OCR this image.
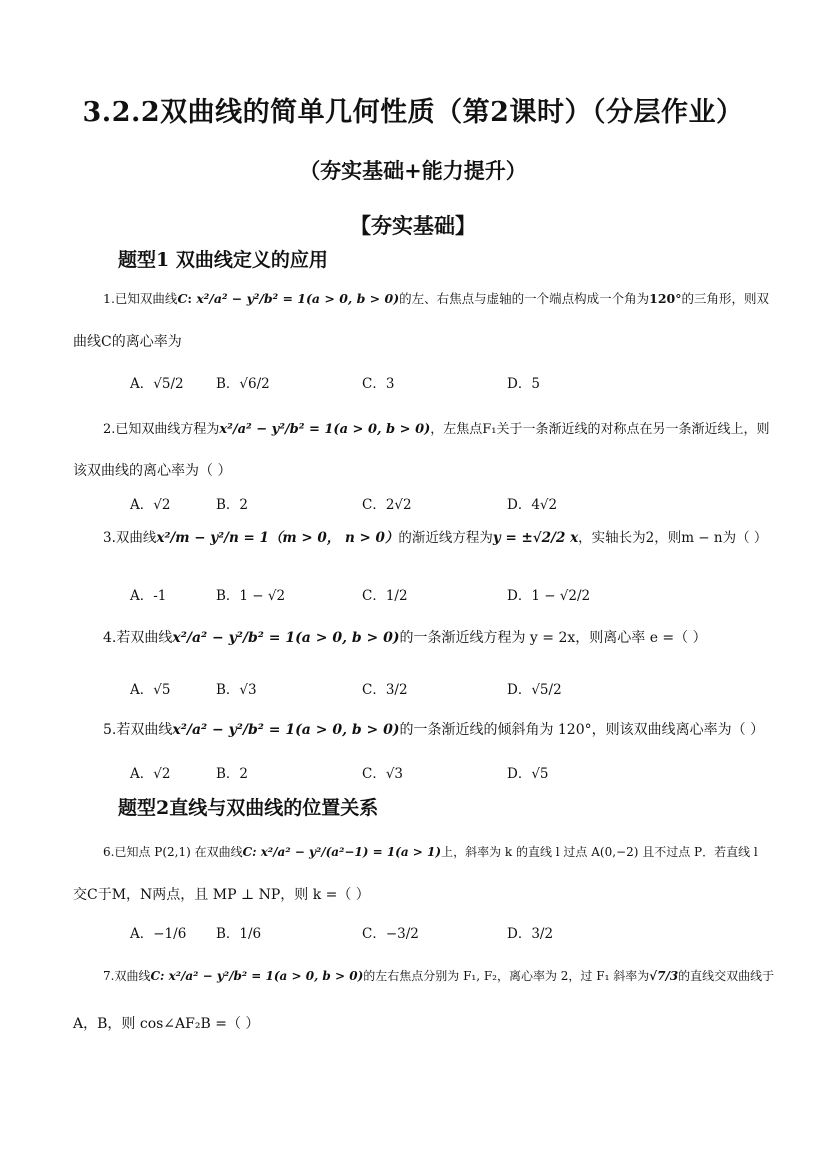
3.2.2双曲线的简单几何性质（第2课时）（分层作业）
（夯实基础+能力提升）
【夯实基础】
题型1 双曲线定义的应用
1.已知双曲线C: x²/a² − y²/b² = 1(a > 0, b > 0)的左、右焦点与虚轴的一个端点构成一个角为120°的三角形，则双
曲线C的离心率为
A．√5/2 B．√6/2	C．3	D．5
2.已知双曲线方程为x²/a² − y²/b² = 1(a > 0, b > 0)，左焦点F₁关于一条渐近线的对称点在另一条渐近线上，则
该双曲线的离心率为（ ）
A．√2	B．2	C．2√2	D．4√2
3.双曲线x²/m − y²/n = 1（m > 0， n > 0）的渐近线方程为y = ±√2/2 x，实轴长为2，则m − n为（ ）
A．-1	B．1 − √2	C．1/2	D．1 − √2/2
4.若双曲线x²/a² − y²/b² = 1(a > 0, b > 0)的一条渐近线方程为 y = 2x，则离心率 e =（ ）
A．√5	B．√3	C．3/2	D．√5/2
5.若双曲线x²/a² − y²/b² = 1(a > 0, b > 0)的一条渐近线的倾斜角为 120°，则该双曲线离心率为（ ）
A．√2	B．2	C．√3	D．√5
题型2直线与双曲线的位置关系
6.已知点 P(2,1) 在双曲线C: x²/a² − y²/(a²−1) = 1(a > 1)上，斜率为 k 的直线 l 过点 A(0,−2) 且不过点 P．若直线 l
交C于M，N两点，且 MP ⊥ NP，则 k =（ ）
A．−1/6 B．1/6	C．−3/2	D．3/2
7.双曲线C: x²/a² − y²/b² = 1(a > 0, b > 0)的左右焦点分别为 F₁, F₂，离心率为 2，过 F₁ 斜率为√7/3的直线交双曲线于
A，B，则 cos∠AF₂B =（ ）
